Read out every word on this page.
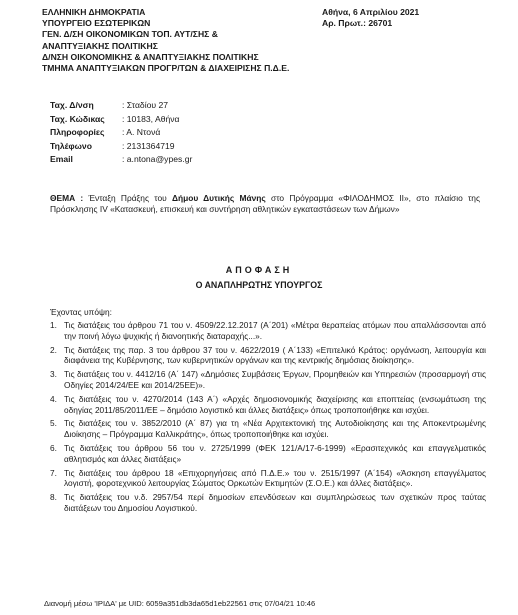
ΕΛΛΗΝΙΚΗ ΔΗΜΟΚΡΑΤΙΑ
ΥΠΟΥΡΓΕΙΟ ΕΣΩΤΕΡΙΚΩΝ
ΓΕΝ. Δ/ΣΗ ΟΙΚΟΝΟΜΙΚΩΝ ΤΟΠ. ΑΥΤ/ΣΗΣ &
ΑΝΑΠΤΥΞΙΑΚΗΣ ΠΟΛΙΤΙΚΗΣ
Δ/ΝΣΗ ΟΙΚΟΝΟΜΙΚΗΣ & ΑΝΑΠΤΥΞΙΑΚΗΣ ΠΟΛΙΤΙΚΗΣ
ΤΜΗΜΑ ΑΝΑΠΤΥΞΙΑΚΩΝ ΠΡΟΓΡ/ΤΩΝ & ΔΙΑΧΕΙΡΙΣΗΣ Π.Δ.Ε.
Αθήνα, 6 Απριλίου 2021
Αρ. Πρωτ.: 26701
Ταχ. Δ/νση	: Σταδίου 27
Ταχ. Κώδικας	: 10183, Αθήνα
Πληροφορίες	: Α. Ντονά
Τηλέφωνο	: 2131364719
Email	: a.ntona@ypes.gr
ΘΕΜΑ : Ένταξη Πράξης του Δήμου Δυτικής Μάνης στο Πρόγραμμα «ΦΙΛΟΔΗΜΟΣ ΙΙ», στο πλαίσιο της Πρόσκλησης IV «Κατασκευή, επισκευή και συντήρηση αθλητικών εγκαταστάσεων των Δήμων»
ΑΠΟΦΑΣΗ
Ο ΑΝΑΠΛΗΡΩΤΗΣ ΥΠΟΥΡΓΟΣ
Έχοντας υπόψη:
1. Τις διατάξεις του άρθρου 71 του ν. 4509/22.12.2017 (Α΄201) «Μέτρα θεραπείας ατόμων που απαλλάσσονται από την ποινή λόγω ψυχικής ή διανοητικής διαταραχής...».
2. Τις διατάξεις της παρ. 3 του άρθρου 37 του ν. 4622/2019 ( Α΄133) «Επιτελικό Κράτος: οργάνωση, λειτουργία και διαφάνεια της Κυβέρνησης, των κυβερνητικών οργάνων και της κεντρικής δημόσιας διοίκησης».
3. Τις διατάξεις του ν. 4412/16 (Α΄ 147) «Δημόσιες Συμβάσεις Έργων, Προμηθειών και Υπηρεσιών (προσαρμογή στις Οδηγίες 2014/24/ΕΕ και 2014/25ΕΕ)».
4. Τις διατάξεις του ν. 4270/2014 (143 Α΄) «Αρχές δημοσιονομικής διαχείρισης και εποπτείας (ενσωμάτωση της οδηγίας 2011/85/2011/ΕΕ – δημόσιο λογιστικό και άλλες διατάξεις» όπως τροποποιήθηκε και ισχύει.
5. Τις διατάξεις του ν. 3852/2010 (Α΄ 87) για τη «Νέα Αρχιτεκτονική της Αυτοδιοίκησης και της Αποκεντρωμένης Διοίκησης – Πρόγραμμα Καλλικράτης», όπως τροποποιήθηκε και ισχύει.
6. Τις διατάξεις του άρθρου 56 του ν. 2725/1999 (ΦΕΚ 121/Α/17-6-1999) «Ερασιτεχνικός και επαγγελματικός αθλητισμός και άλλες διατάξεις»
7. Τις διατάξεις του άρθρου 18 «Επιχορηγήσεις από Π.Δ.Ε.» του ν. 2515/1997 (Α΄154) «Άσκηση επαγγέλματος λογιστή, φοροτεχνικού λειτουργίας Σώματος Ορκωτών Εκτιμητών (Σ.Ο.Ε.) και άλλες διατάξεις».
8. Τις διατάξεις του ν.δ. 2957/54 περί δημοσίων επενδύσεων και συμπληρώσεως των σχετικών προς ταύτας διατάξεων του Δημοσίου Λογιστικού.
Διανομή μέσω 'ΙΡΙΔΑ' με UID: 6059a351db3da65d1eb22561 στις 07/04/21 10:46
